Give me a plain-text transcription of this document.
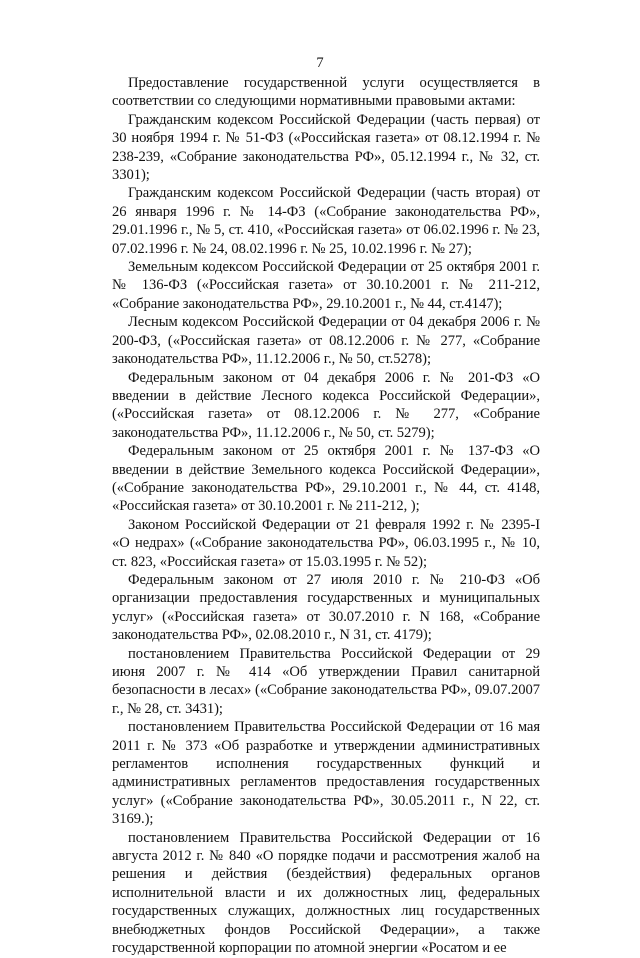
7

Предоставление государственной услуги осуществляется в соответствии со следующими нормативными правовыми актами:

Гражданским кодексом Российской Федерации (часть первая) от 30 ноября 1994 г. № 51-ФЗ («Российская газета» от 08.12.1994 г. № 238-239, «Собрание законодательства РФ», 05.12.1994 г., № 32, ст. 3301);

Гражданским кодексом Российской Федерации (часть вторая) от 26 января 1996 г. № 14-ФЗ («Собрание законодательства РФ», 29.01.1996 г., № 5, ст. 410, «Российская газета» от 06.02.1996 г. № 23, 07.02.1996 г. № 24, 08.02.1996 г. № 25, 10.02.1996 г. № 27);

Земельным кодексом Российской Федерации от 25 октября 2001 г. № 136-ФЗ («Российская газета» от 30.10.2001 г. № 211-212, «Собрание законодательства РФ», 29.10.2001 г., № 44, ст.4147);

Лесным кодексом Российской Федерации от 04 декабря 2006 г. № 200-ФЗ, («Российская газета» от 08.12.2006 г. № 277, «Собрание законодательства РФ», 11.12.2006 г., № 50, ст.5278);

Федеральным законом от 04 декабря 2006 г. № 201-ФЗ «О введении в действие Лесного кодекса Российской Федерации», («Российская газета» от 08.12.2006 г. № 277, «Собрание законодательства РФ», 11.12.2006 г., № 50, ст. 5279);

Федеральным законом от 25 октября 2001 г. № 137-ФЗ «О введении в действие Земельного кодекса Российской Федерации», («Собрание законодательства РФ», 29.10.2001 г., № 44, ст. 4148, «Российская газета» от 30.10.2001 г. № 211-212, );

Законом Российской Федерации от 21 февраля 1992 г. № 2395-I «О недрах» («Собрание законодательства РФ», 06.03.1995 г., № 10, ст. 823, «Российская газета» от 15.03.1995 г. № 52);

Федеральным законом от 27 июля 2010 г. № 210-ФЗ «Об организации предоставления государственных и муниципальных услуг» («Российская газета» от 30.07.2010 г. N 168, «Собрание законодательства РФ», 02.08.2010 г., N 31, ст. 4179);

постановлением Правительства Российской Федерации от 29 июня 2007 г. № 414 «Об утверждении Правил санитарной безопасности в лесах» («Собрание законодательства РФ», 09.07.2007 г., № 28, ст. 3431);

постановлением Правительства Российской Федерации от 16 мая 2011 г. № 373 «Об разработке и утверждении административных регламентов исполнения государственных функций и административных регламентов предоставления государственных услуг» («Собрание законодательства РФ», 30.05.2011 г., N 22, ст. 3169.);

постановлением Правительства Российской Федерации от 16 августа 2012 г. № 840 «О порядке подачи и рассмотрения жалоб на решения и действия (бездействия) федеральных органов исполнительной власти и их должностных лиц, федеральных государственных служащих, должностных лиц государственных внебюджетных фондов Российской Федерации», а также государственной корпорации по атомной энергии «Росатом и ее
